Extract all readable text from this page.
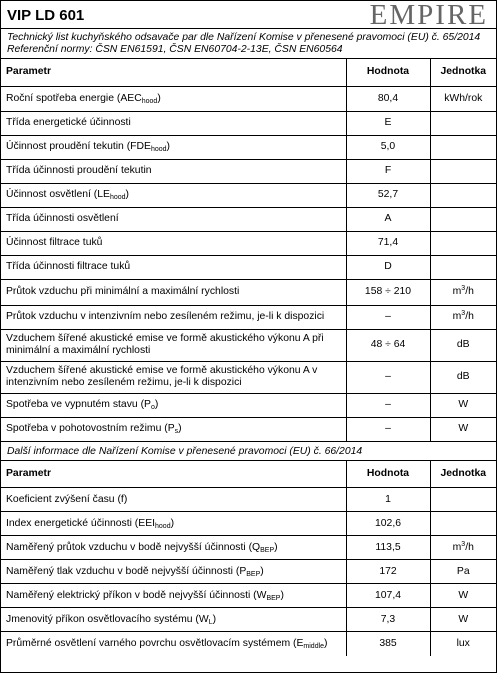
VIP LD 601	EMPIRE
Technický list kuchyňského odsavače par dle Nařízení Komise v přenesené pravomoci (EU) č. 65/2014
Referenční normy: ČSN EN61591, ČSN EN60704-2-13E, ČSN EN60564
Parametr	Hodnota	Jednotka
Roční spotřeba energie $(AEC_{hood})$	80,4	kWh/rok
Třída energetické účinnosti	E	
Účinnost proudění tekutin $(FDE_{hood})$	5,0	
Třída účinnosti proudění tekutin	F	
Účinnost osvětlení $(LE_{hood})$	52,7	
Třída účinnosti osvětlení	A	
Účinnost filtrace tuků	71,4	
Třída účinnosti filtrace tuků	D	
Průtok vzduchu při minimální a maximální rychlosti	158 ÷ 210	$m^3/h$
Průtok vzduchu v intenzivním nebo zesíleném režimu, je-li k dispozici	–	$m^3/h$
Vzduchem šířené akustické emise ve formě akustického výkonu A při minimální a maximální rychlosti	48 ÷ 64	dB
Vzduchem šířené akustické emise ve formě akustického výkonu A v intenzivním nebo zesíleném režimu, je-li k dispozici	–	dB
Spotřeba ve vypnutém stavu $(P_o)$	–	W
Spotřeba v pohotovostním režimu $(P_s)$	–	W
Další informace dle Nařízení Komise v přenesené pravomoci (EU) č. 66/2014
Parametr	Hodnota	Jednotka
Koeficient zvýšení času (f)	1	
Index energetické účinnosti $(EEI_{hood})$	102,6	
Naměřený průtok vzduchu v bodě nejvyšší účinnosti $(Q_{BEP})$	113,5	$m^3/h$
Naměřený tlak vzduchu v bodě nejvyšší účinnosti $(P_{BEP})$	172	Pa
Naměřený elektrický příkon v bodě nejvyšší účinnosti $(W_{BEP})$	107,4	W
Jmenovitý příkon osvětlovacího systému $(W_L)$	7,3	W
Průměrné osvětlení varného povrchu osvětlovacím systémem $(E_{middle})$	385	lux
